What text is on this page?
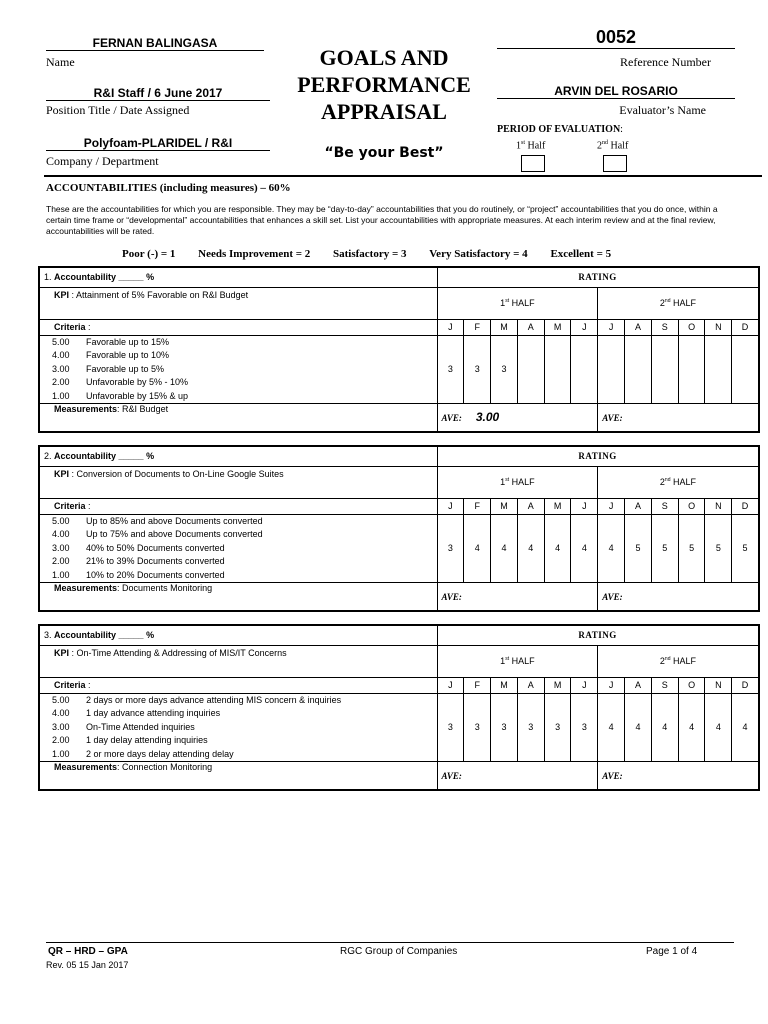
FERNAN BALINGASA
Name
R&I Staff / 6 June 2017
Position Title / Date Assigned
Polyfoam-PLARIDEL / R&I
Company / Department
GOALS AND
PERFORMANCE
APPRAISAL
“Be your Best”
0052
Reference Number
ARVIN DEL ROSARIO
Evaluator’s Name
PERIOD OF EVALUATION:
1st Half	2nd Half
ACCOUNTABILITIES (including measures) – 60%
These are the accountabilities for which you are responsible. They may be “day-to-day” accountabilities that you do routinely, or “project” accountabilities that you do once, within a certain time frame or “developmental” accountabilities that enhances a skill set. List your accountabilities with appropriate measures. At each interim review and at the final review, accountabilities will be rated.
Poor (-) = 1 Needs Improvement = 2 Satisfactory = 3 Very Satisfactory = 4 Excellent = 5
1. Accountability _____ %	RATING											
KPI : Attainment of 5% Favorable on R&I Budget	1st HALF						2nd HALF					
Criteria :	J	F	M	A	M	J	J	A	S	O	N	D

5.00 Favorable up to 15%
4.00 Favorable up to 10%
3.00 Favorable up to 5%
2.00 Unfavorable by 5% - 10%
1.00 Unfavorable by 15% & up	3	3	3									
Measurements: R&I Budget	AVE: 3.00						AVE:					
2. Accountability _____ %	RATING											
KPI : Conversion of Documents to On-Line Google Suites	1st HALF						2nd HALF					
Criteria :	J	F	M	A	M	J	J	A	S	O	N	D

5.00 Up to 85% and above Documents converted
4.00 Up to 75% and above Documents converted
3.00 40% to 50% Documents converted
2.00 21% to 39% Documents converted
1.00 10% to 20% Documents converted	3	4	4	4	4	4	4	5	5	5	5	5
Measurements: Documents Monitoring	AVE:						AVE:					
3. Accountability _____ %	RATING											
KPI : On-Time Attending & Addressing of MIS/IT Concerns	1st HALF						2nd HALF					
Criteria :	J	F	M	A	M	J	J	A	S	O	N	D

5.00 2 days or more days advance attending MIS concern & inquiries
4.00 1 day advance attending inquiries
3.00 On-Time Attended inquiries
2.00 1 day delay attending inquiries
1.00 2 or more days delay attending delay	3	3	3	3	3	3	4	4	4	4	4	4
Measurements: Connection Monitoring	AVE:						AVE:					
QR – HRD – GPA
Rev. 05 15 Jan 2017
RGC Group of Companies	Page 1 of 4
